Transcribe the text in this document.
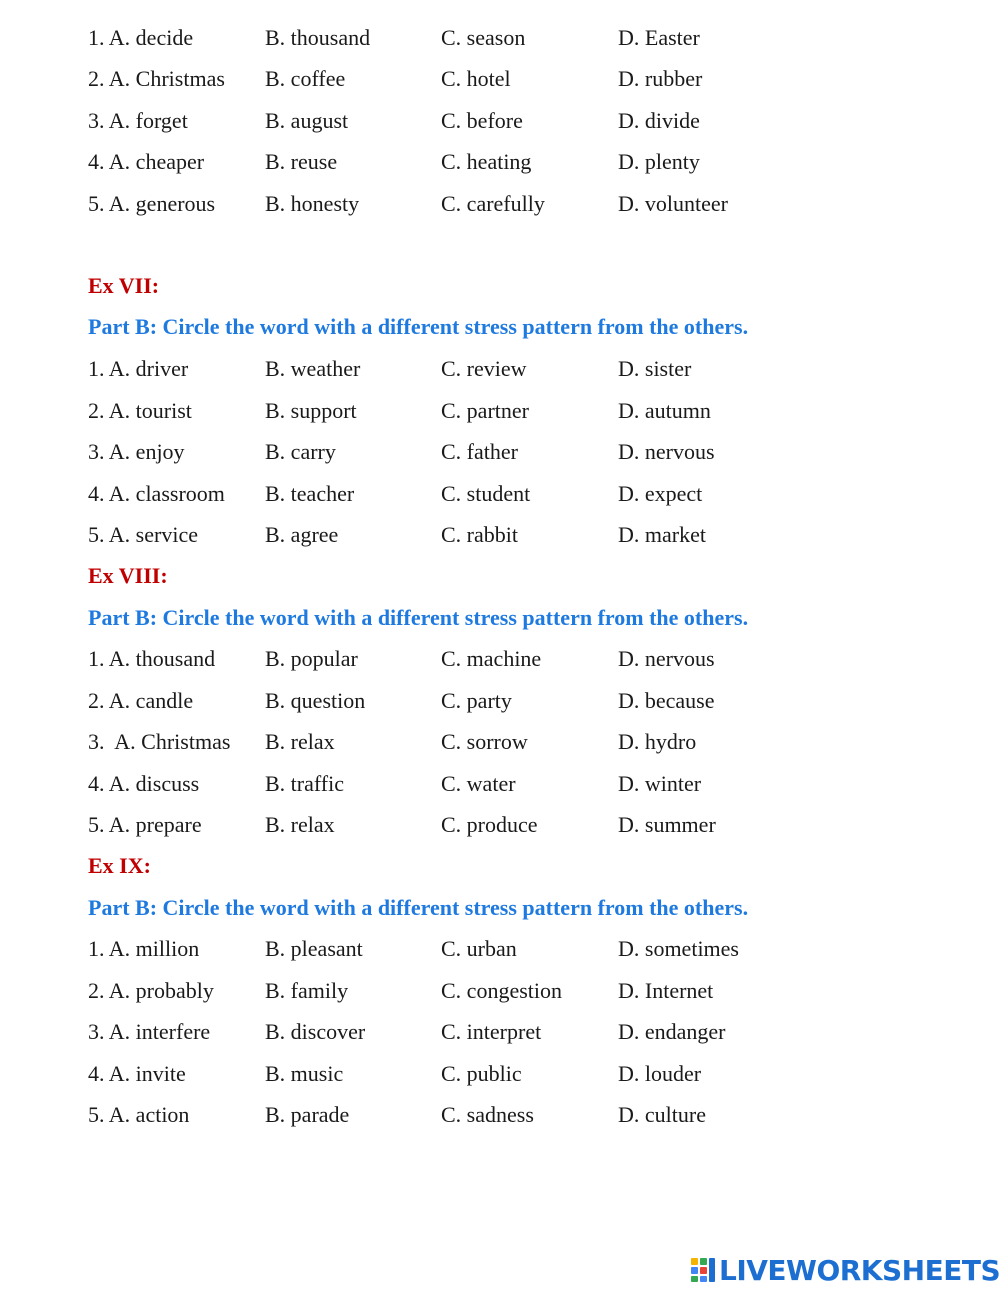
1. A. decide	B. thousand	C. season	D. Easter
2. A. Christmas B. coffee	C. hotel	D. rubber
3. A. forget	B. august	C. before	D. divide
4. A. cheaper	B. reuse	C. heating	D. plenty
5. A. generous B. honesty	C. carefully	D. volunteer
Ex VII:
Part B: Circle the word with a different stress pattern from the others.
1. A. driver	B. weather	C. review	D. sister
2. A. tourist	B. support	C. partner	D. autumn
3. A. enjoy	B. carry	C. father	D. nervous
4. A. classroom B. teacher	C. student	D. expect
5. A. service	B. agree	C. rabbit	D. market
Ex VIII:
Part B: Circle the word with a different stress pattern from the others.
1. A. thousand B. popular	C. machine	D. nervous
2. A. candle	B. question	C. party	D. because
3.  A. Christmas B. relax	C. sorrow	D. hydro
4. A. discuss	B. traffic	C. water	D. winter
5. A. prepare	B. relax	C. produce	D. summer
Ex IX:
Part B: Circle the word with a different stress pattern from the others.
1. A. million	B. pleasant	C. urban	D. sometimes
2. A. probably B. family	C. congestion	D. Internet
3. A. interfere B. discover	C. interpret	D. endanger
4. A. invite	B. music	C. public	D. louder
5. A. action	B. parade	C. sadness	D. culture
LIVEWORKSHEETS
